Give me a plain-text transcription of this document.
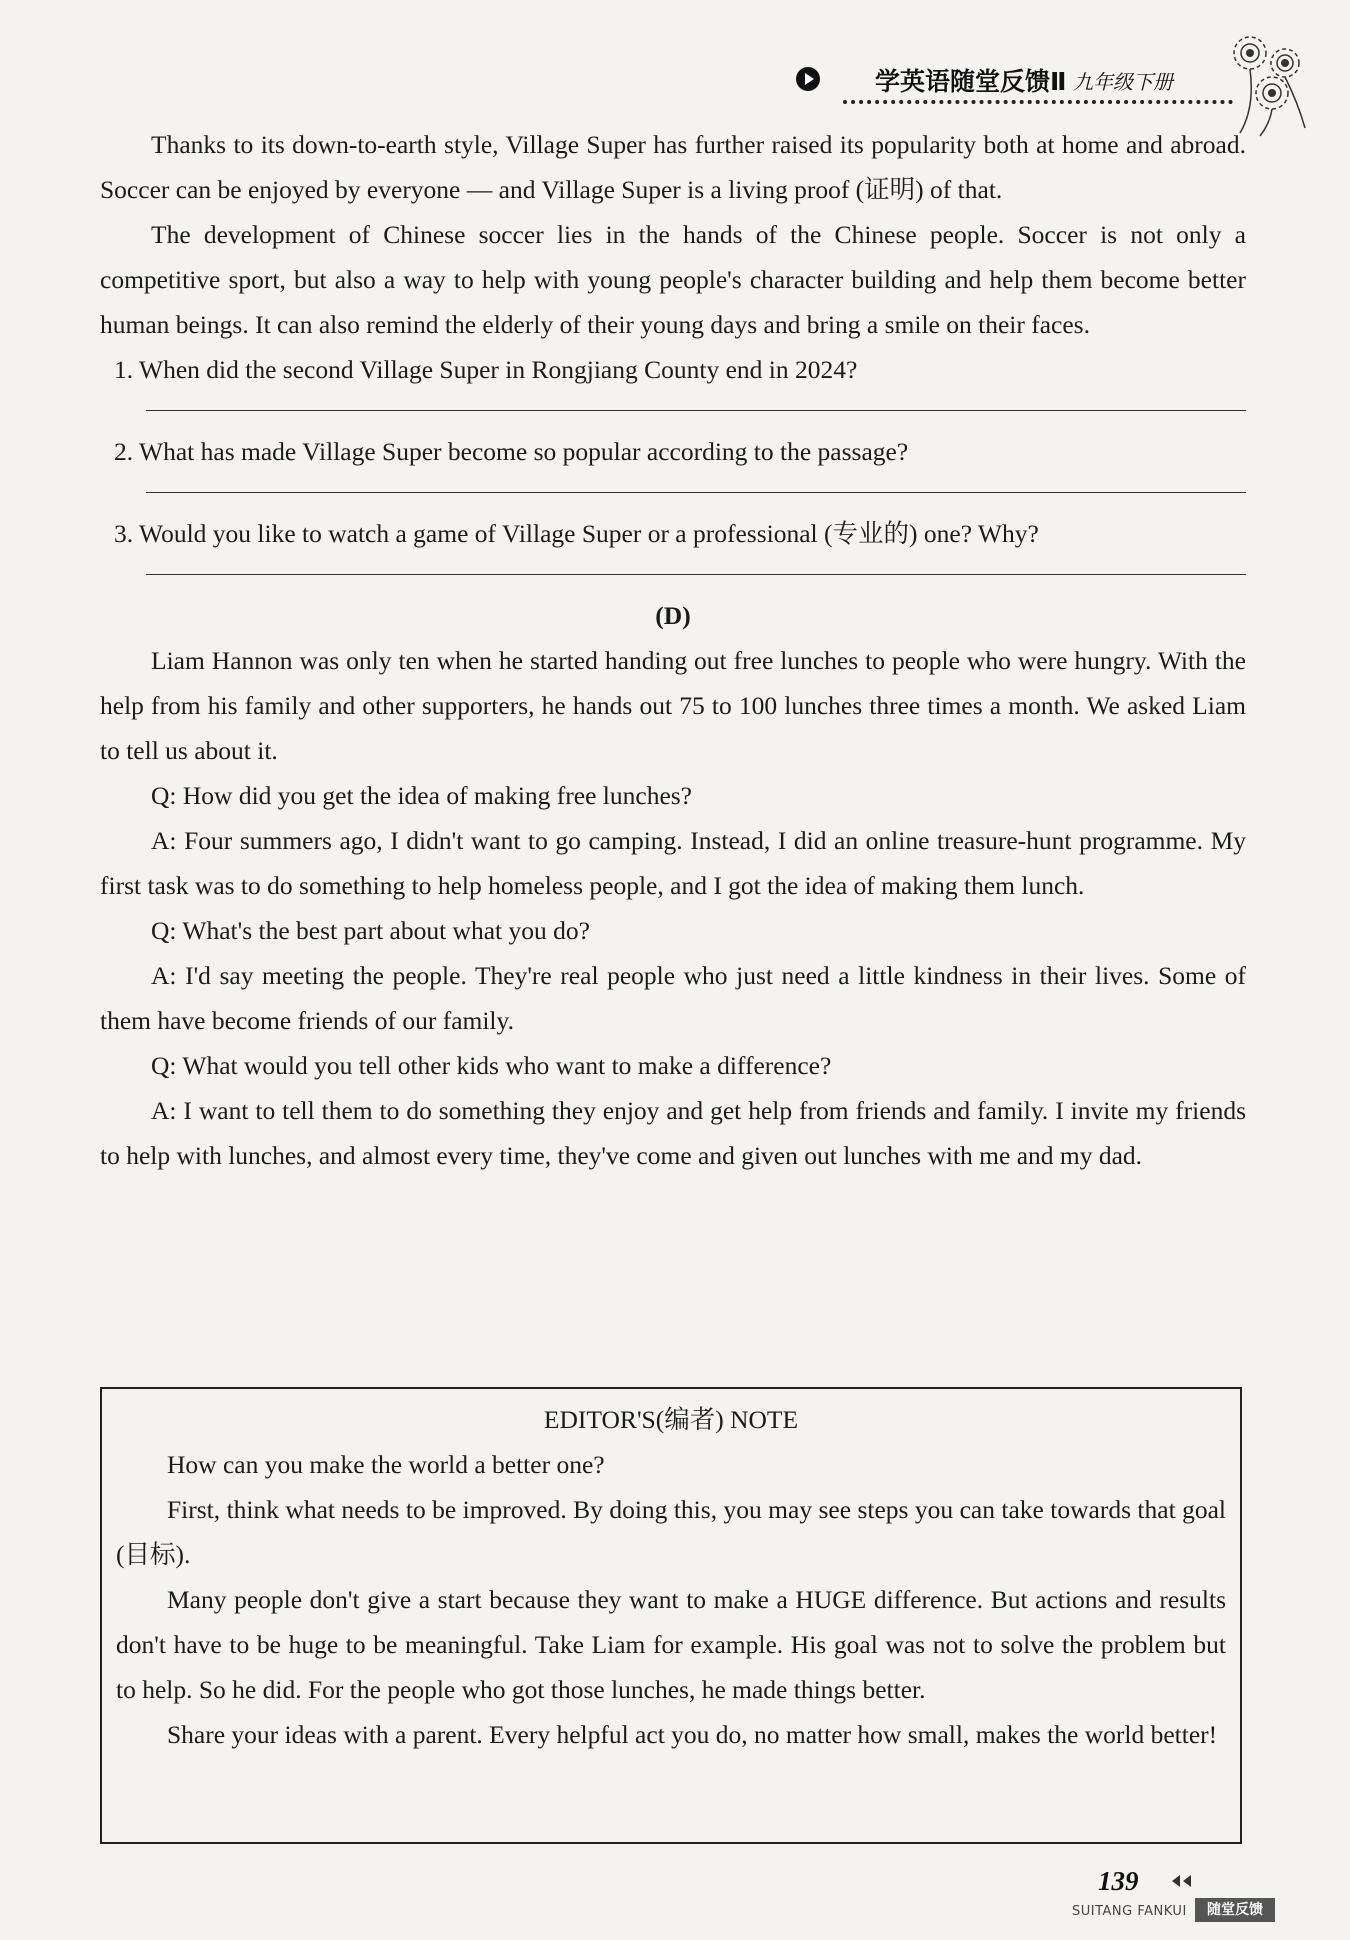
学英语随堂反馈Ⅱ 九年级下册

Thanks to its down-to-earth style, Village Super has further raised its popularity both at home and abroad. Soccer can be enjoyed by everyone — and Village Super is a living proof (证明) of that.

The development of Chinese soccer lies in the hands of the Chinese people. Soccer is not only a competitive sport, but also a way to help with young people's character building and help them become better human beings. It can also remind the elderly of their young days and bring a smile on their faces.

1. When did the second Village Super in Rongjiang County end in 2024?

2. What has made Village Super become so popular according to the passage?

3. Would you like to watch a game of Village Super or a professional (专业的) one? Why?

(D)

Liam Hannon was only ten when he started handing out free lunches to people who were hungry. With the help from his family and other supporters, he hands out 75 to 100 lunches three times a month. We asked Liam to tell us about it.

Q: How did you get the idea of making free lunches?

A: Four summers ago, I didn't want to go camping. Instead, I did an online treasure-hunt programme. My first task was to do something to help homeless people, and I got the idea of making them lunch.

Q: What's the best part about what you do?

A: I'd say meeting the people. They're real people who just need a little kindness in their lives. Some of them have become friends of our family.

Q: What would you tell other kids who want to make a difference?

A: I want to tell them to do something they enjoy and get help from friends and family. I invite my friends to help with lunches, and almost every time, they've come and given out lunches with me and my dad.

EDITOR'S(编者) NOTE

How can you make the world a better one?

First, think what needs to be improved. By doing this, you may see steps you can take towards that goal (目标).

Many people don't give a start because they want to make a HUGE difference. But actions and results don't have to be huge to be meaningful. Take Liam for example. His goal was not to solve the problem but to help. So he did. For the people who got those lunches, he made things better.

Share your ideas with a parent. Every helpful act you do, no matter how small, makes the world better!

139
SUITANG FANKUI	随堂反馈
